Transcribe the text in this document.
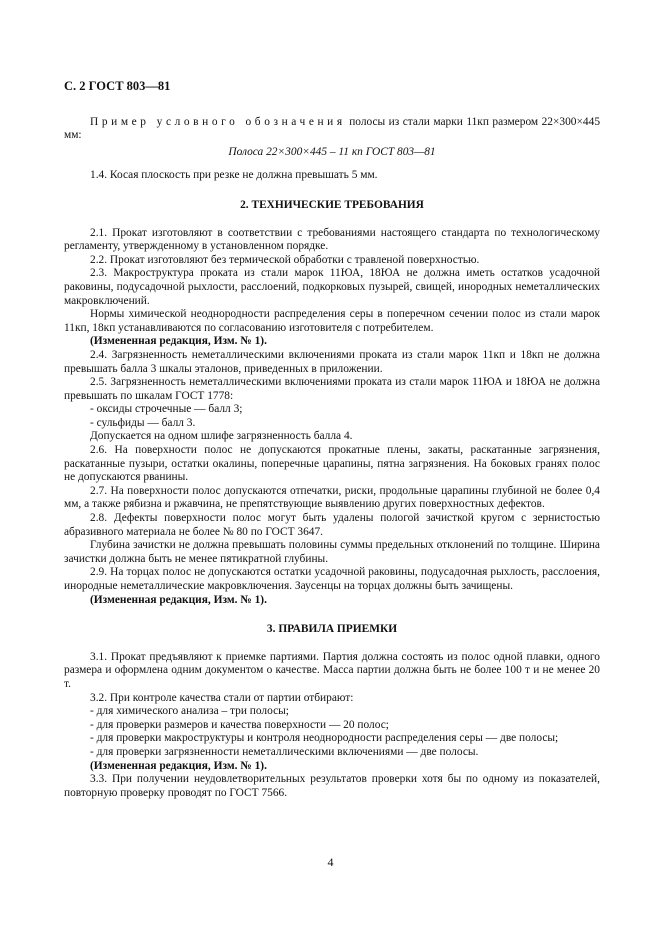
С. 2 ГОСТ 803—81

Пример условного обозначения полосы из стали марки 11кп размером 22×300×445 мм:

Полоса 22×300×445 – 11 кп ГОСТ 803—81

1.4. Косая плоскость при резке не должна превышать 5 мм.

2. ТЕХНИЧЕСКИЕ ТРЕБОВАНИЯ

2.1. Прокат изготовляют в соответствии с требованиями настоящего стандарта по технологическому регламенту, утвержденному в установленном порядке.

2.2. Прокат изготовляют без термической обработки с травленой поверхностью.

2.3. Макроструктура проката из стали марок 11ЮА, 18ЮА не должна иметь остатков усадочной раковины, подусадочной рыхлости, расслоений, подкорковых пузырей, свищей, инородных неметаллических макровключений.

Нормы химической неоднородности распределения серы в поперечном сечении полос из стали марок 11кп, 18кп устанавливаются по согласованию изготовителя с потребителем.

(Измененная редакция, Изм. № 1).

2.4. Загрязненность неметаллическими включениями проката из стали марок 11кп и 18кп не должна превышать балла 3 шкалы эталонов, приведенных в приложении.

2.5. Загрязненность неметаллическими включениями проката из стали марок 11ЮА и 18ЮА не должна превышать по шкалам ГОСТ 1778:

- оксиды строчечные — балл 3;

- сульфиды — балл 3.

Допускается на одном шлифе загрязненность балла 4.

2.6. На поверхности полос не допускаются прокатные плены, закаты, раскатанные загрязнения, раскатанные пузыри, остатки окалины, поперечные царапины, пятна загрязнения. На боковых гранях полос не допускаются рванины.

2.7. На поверхности полос допускаются отпечатки, риски, продольные царапины глубиной не более 0,4 мм, а также рябизна и ржавчина, не препятствующие выявлению других поверхностных дефектов.

2.8. Дефекты поверхности полос могут быть удалены пологой зачисткой кругом с зернистостью абразивного материала не более № 80 по ГОСТ 3647.

Глубина зачистки не должна превышать половины суммы предельных отклонений по толщине. Ширина зачистки должна быть не менее пятикратной глубины.

2.9. На торцах полос не допускаются остатки усадочной раковины, подусадочная рыхлость, расслоения, инородные неметаллические макровключения. Заусенцы на торцах должны быть зачищены.

(Измененная редакция, Изм. № 1).

3. ПРАВИЛА ПРИЕМКИ

3.1. Прокат предъявляют к приемке партиями. Партия должна состоять из полос одной плавки, одного размера и оформлена одним документом о качестве. Масса партии должна быть не более 100 т и не менее 20 т.

3.2. При контроле качества стали от партии отбирают:

- для химического анализа – три полосы;

- для проверки размеров и качества поверхности — 20 полос;

- для проверки макроструктуры и контроля неоднородности распределения серы — две полосы;

- для проверки загрязненности неметаллическими включениями — две полосы.

(Измененная редакция, Изм. № 1).

3.3. При получении неудовлетворительных результатов проверки хотя бы по одному из показателей, повторную проверку проводят по ГОСТ 7566.

4
